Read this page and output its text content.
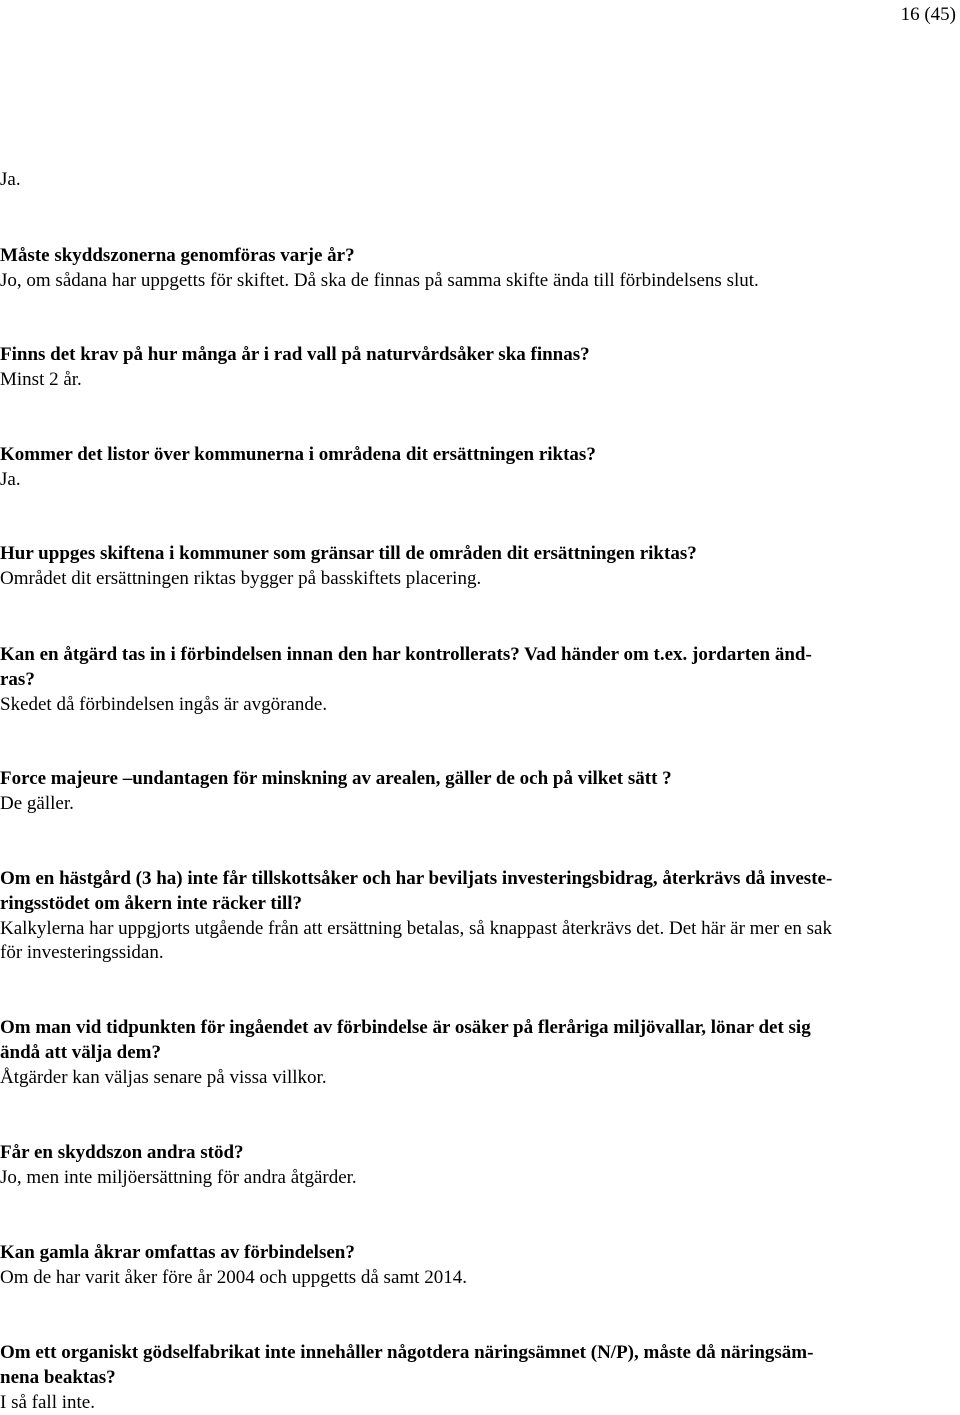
16 (45)
Ja.
Måste skyddszonerna genomföras varje år?
Jo, om sådana har uppgetts för skiftet. Då ska de finnas på samma skifte ända till förbindelsens slut.
Finns det krav på hur många år i rad vall på naturvårdsåker ska finnas?
Minst 2 år.
Kommer det listor över kommunerna i områdena dit ersättningen riktas?
Ja.
Hur uppges skiftena i kommuner som gränsar till de områden dit ersättningen riktas?
Området dit ersättningen riktas bygger på basskiftets placering.
Kan en åtgärd tas in i förbindelsen innan den har kontrollerats? Vad händer om t.ex. jordarten änd-
ras?
Skedet då förbindelsen ingås är avgörande.
Force majeure –undantagen för minskning av arealen, gäller de och på vilket sätt ?
De gäller.
Om en hästgård (3 ha) inte får tillskottsåker och har beviljats investeringsbidrag, återkrävs då investe-
ringsstödet om åkern inte räcker till?
Kalkylerna har uppgjorts utgående från att ersättning betalas, så knappast återkrävs det. Det här är mer en sak
för investeringssidan.
Om man vid tidpunkten för ingåendet av förbindelse är osäker på fleråriga miljövallar, lönar det sig
ändå att välja dem?
Åtgärder kan väljas senare på vissa villkor.
Får en skyddszon andra stöd?
Jo, men inte miljöersättning för andra åtgärder.
Kan gamla åkrar omfattas av förbindelsen?
Om de har varit åker före år 2004 och uppgetts då samt 2014.
Om ett organiskt gödselfabrikat inte innehåller någotdera näringsämnet (N/P), måste då näringsäm-
nena beaktas?
I så fall inte.
